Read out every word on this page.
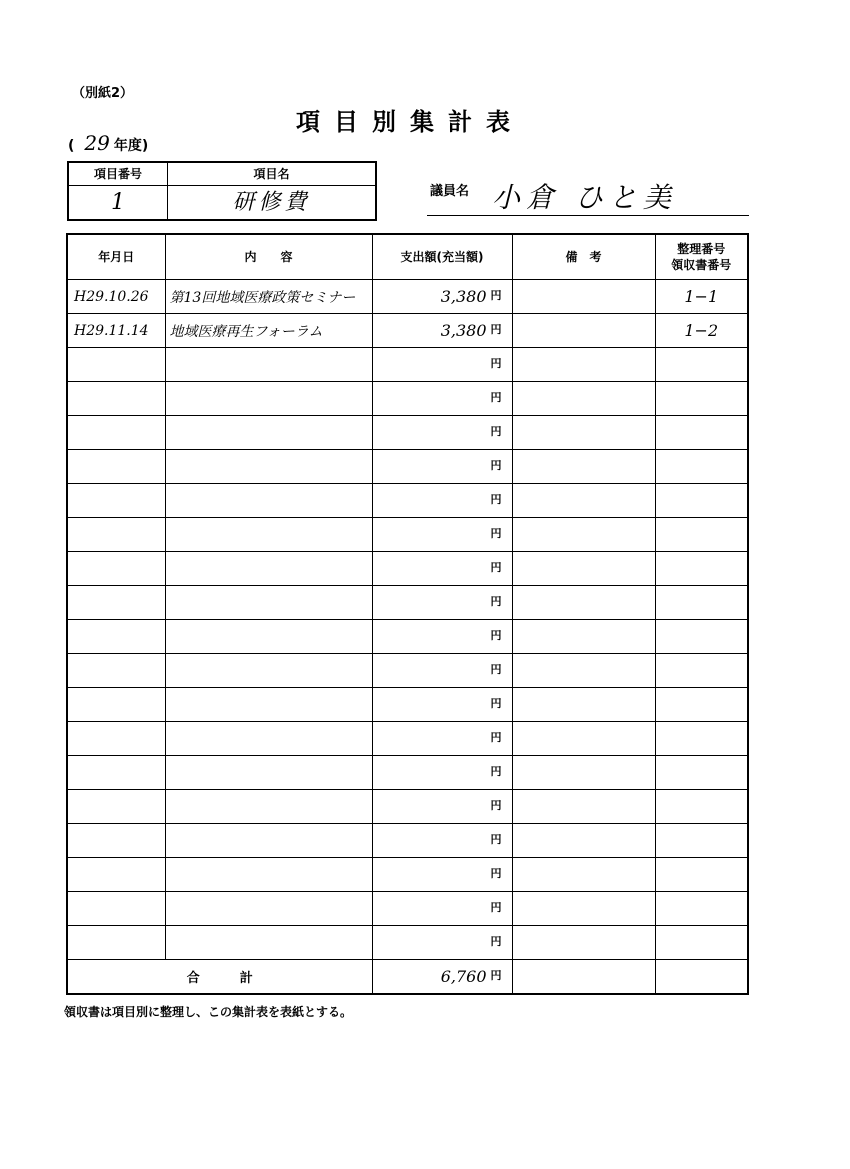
（別紙2）
項目別集計表
( 29 年度)
項目番号	項目名
1	研修費	議員名 小倉 ひと美
年月日	内　　容	支出額(充当額)	備　考	整理番号
領収書番号
H29.10.26	第13回地域医療政策セミナー	3,380 $^円$		1−1
H29.11.14	地域医療再生フォーラム	3,380 $^円$		1−2
		$^円$		
		$^円$		
		$^円$		
		$^円$		
		$^円$		
		$^円$		
		$^円$		
		$^円$		
		$^円$		
		$^円$		
		$^円$		
		$^円$		
		$^円$		
		$^円$		
		$^円$		
		$^円$		
		$^円$		
		$^円$		
合計		6,760 $^円$		
領収書は項目別に整理し、この集計表を表紙とする。
